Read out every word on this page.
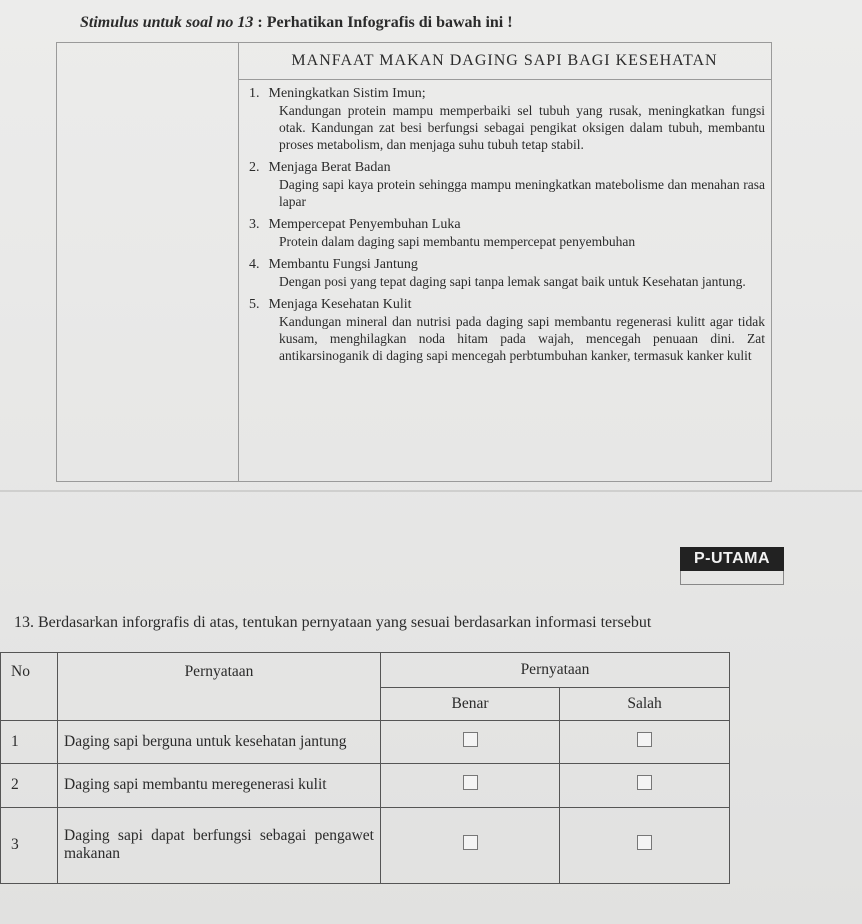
Stimulus untuk soal no 13 : Perhatikan Infografis di bawah ini !
MANFAAT MAKAN DAGING SAPI BAGI KESEHATAN
1. Meningkatkan Sistim Imun;
Kandungan protein mampu memperbaiki sel tubuh yang rusak, meningkatkan fungsi otak. Kandungan zat besi berfungsi sebagai pengikat oksigen dalam tubuh, membantu proses metabolism, dan menjaga suhu tubuh tetap stabil.
2. Menjaga Berat Badan
Daging sapi kaya protein sehingga mampu meningkatkan matebolisme dan menahan rasa lapar
3. Mempercepat Penyembuhan Luka
Protein dalam daging sapi membantu mempercepat penyembuhan
4. Membantu Fungsi Jantung
Dengan posi yang tepat daging sapi tanpa lemak sangat baik untuk Kesehatan jantung.
5. Menjaga Kesehatan Kulit
Kandungan mineral dan nutrisi pada daging sapi membantu regenerasi kulitt agar tidak kusam, menghilagkan noda hitam pada wajah, mencegah penuaan dini. Zat antikarsinoganik di daging sapi mencegah perbtumbuhan kanker, termasuk kanker kulit
P-UTAMA
13. Berdasarkan inforgrafis di atas, tentukan pernyataan yang sesuai berdasarkan informasi tersebut
No	Pernyataan	Pernyataan	
		Benar	Salah
1	Daging sapi berguna untuk kesehatan jantung		
2	Daging sapi membantu meregenerasi kulit		
3	Daging sapi dapat berfungsi sebagai pengawet makanan		
